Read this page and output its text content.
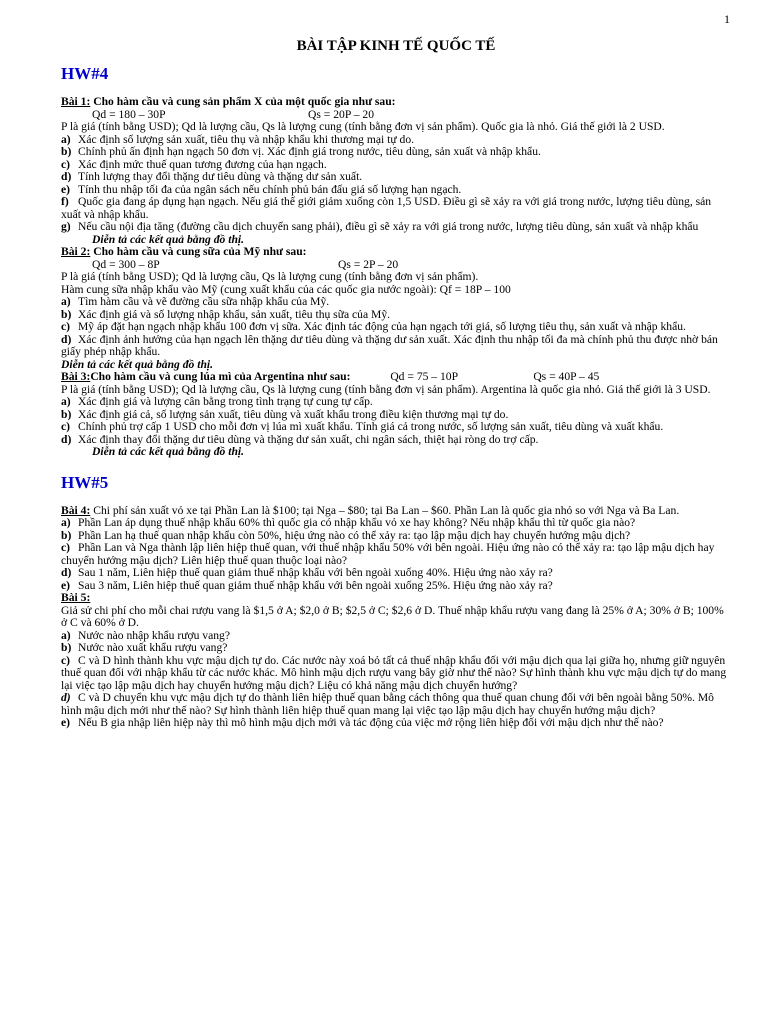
1
BÀI TẬP KINH TẾ QUỐC TẾ
HW#4
Bài 1: Cho hàm cầu và cung sản phẩm X của một quốc gia như sau:
Qd = 180 – 30P	Qs = 20P – 20
P là giá (tính bằng USD); Qd là lượng cầu, Qs là lượng cung (tính bằng đơn vị sản phẩm). Quốc gia là nhỏ. Giá thế giới là 2 USD.
a) Xác định số lượng sản xuất, tiêu thụ và nhập khẩu khi thương mại tự do.
b) Chính phủ ấn định hạn ngạch 50 đơn vị. Xác định giá trong nước, tiêu dùng, sản xuất và nhập khẩu.
c) Xác định mức thuế quan tương đương của hạn ngạch.
d) Tính lượng thay đổi thặng dư tiêu dùng và thặng dư sản xuất.
e) Tính thu nhập tối đa của ngân sách nếu chính phủ bán đấu giá số lượng hạn ngạch.
f) Quốc gia đang áp dụng hạn ngạch. Nếu giá thế giới giảm xuống còn 1,5 USD. Điều gì sẽ xảy ra với giá trong nước, lượng tiêu dùng, sản xuất và nhập khẩu.
g) Nếu cầu nội địa tăng (đường cầu dịch chuyển sang phải), điều gì sẽ xảy ra với giá trong nước, lượng tiêu dùng, sản xuất và nhập khẩu
Diễn tả các kết quả bằng đồ thị.
Bài 2: Cho hàm cầu và cung sữa của Mỹ như sau:
Qd = 300 – 8P	Qs = 2P – 20
P là giá (tính bằng USD); Qd là lượng cầu, Qs là lượng cung (tính bằng đơn vị sản phẩm).
Hàm cung sữa nhập khẩu vào Mỹ (cung xuất khẩu của các quốc gia nước ngoài): Qf = 18P – 100
a) Tìm hàm cầu và vẽ đường cầu sữa nhập khẩu của Mỹ.
b) Xác định giá và số lượng nhập khẩu, sản xuất, tiêu thụ sữa của Mỹ.
c) Mỹ áp đặt hạn ngạch nhập khẩu 100 đơn vị sữa. Xác định tác động của hạn ngạch tới giá, số lượng tiêu thụ, sản xuất và nhập khẩu.
d) Xác định ảnh hưởng của hạn ngạch lên thặng dư tiêu dùng và thặng dư sản xuất. Xác định thu nhập tối đa mà chính phủ thu được nhờ bán giấy phép nhập khẩu.
Diễn tả các kết quả bằng đồ thị.
Bài 3:Cho hàm cầu và cung lúa mì của Argentina như sau:	Qd = 75 – 10P	Qs = 40P – 45
P là giá (tính bằng USD); Qd là lượng cầu, Qs là lượng cung (tính bằng đơn vị sản phẩm). Argentina là quốc gia nhỏ. Giá thế giới là 3 USD.
a) Xác định giá và lượng cân bằng trong tình trạng tự cung tự cấp.
b) Xác định giá cả, số lượng sản xuất, tiêu dùng và xuất khẩu trong điều kiện thương mại tự do.
c) Chính phủ trợ cấp 1 USD cho mỗi đơn vị lúa mì xuất khẩu. Tính giá cả trong nước, số lượng sản xuất, tiêu dùng và xuất khẩu.
d) Xác định thay đổi thặng dư tiêu dùng và thặng dư sản xuất, chi ngân sách, thiệt hại ròng do trợ cấp.
Diễn tả các kết quả bằng đồ thị.
HW#5
Bài 4: Chi phí sản xuất vỏ xe tại Phần Lan là $100; tại Nga – $80; tại Ba Lan – $60. Phần Lan là quốc gia nhỏ so với Nga và Ba Lan.
a) Phần Lan áp dụng thuế nhập khẩu 60% thì quốc gia có nhập khẩu vỏ xe hay không? Nếu nhập khẩu thì từ quốc gia nào?
b) Phần Lan hạ thuế quan nhập khẩu còn 50%, hiệu ứng nào có thể xảy ra: tạo lập mậu dịch hay chuyển hướng mậu dịch?
c) Phần Lan và Nga thành lập liên hiệp thuế quan, với thuế nhập khẩu 50% với bên ngoài. Hiệu ứng nào có thể xảy ra: tạo lập mậu dịch hay chuyển hướng mậu dịch? Liên hiệp thuế quan thuộc loại nào?
d) Sau 1 năm, Liên hiệp thuế quan giảm thuế nhập khẩu với bên ngoài xuống 40%. Hiệu ứng nào xảy ra?
e) Sau 3 năm, Liên hiệp thuế quan giảm thuế nhập khẩu với bên ngoài xuống 25%. Hiệu ứng nào xảy ra?
Bài 5:
Giả sử chi phí cho mỗi chai rượu vang là $1,5 ở A; $2,0 ở B; $2,5 ở C; $2,6 ở D. Thuế nhập khẩu rượu vang đang là 25% ở A; 30% ở B; 100% ở C và 60% ở D.
a) Nước nào nhập khẩu rượu vang?
b) Nước nào xuất khẩu rượu vang?
c) C và D hình thành khu vực mậu dịch tự do. Các nước này xoá bỏ tất cả thuế nhập khẩu đối với mậu dịch qua lại giữa họ, nhưng giữ nguyên thuế quan đối với nhập khẩu từ các nước khác. Mô hình mậu dịch rượu vang bây giờ như thế nào? Sự hình thành khu vực mậu dịch tự do mang lại việc tạo lập mậu dịch hay chuyển hướng mậu dịch? Liệu có khả năng mậu dịch chuyển hướng?
d) C và D chuyển khu vực mậu dịch tự do thành liên hiệp thuế quan bằng cách thông qua thuế quan chung đối với bên ngoài bằng 50%. Mô hình mậu dịch mới như thế nào? Sự hình thành liên hiệp thuế quan mang lại việc tạo lập mậu dịch hay chuyển hướng mậu dịch?
e) Nếu B gia nhập liên hiệp này thì mô hình mậu dịch mới và tác động của việc mở rộng liên hiệp đối với mậu dịch như thế nào?
